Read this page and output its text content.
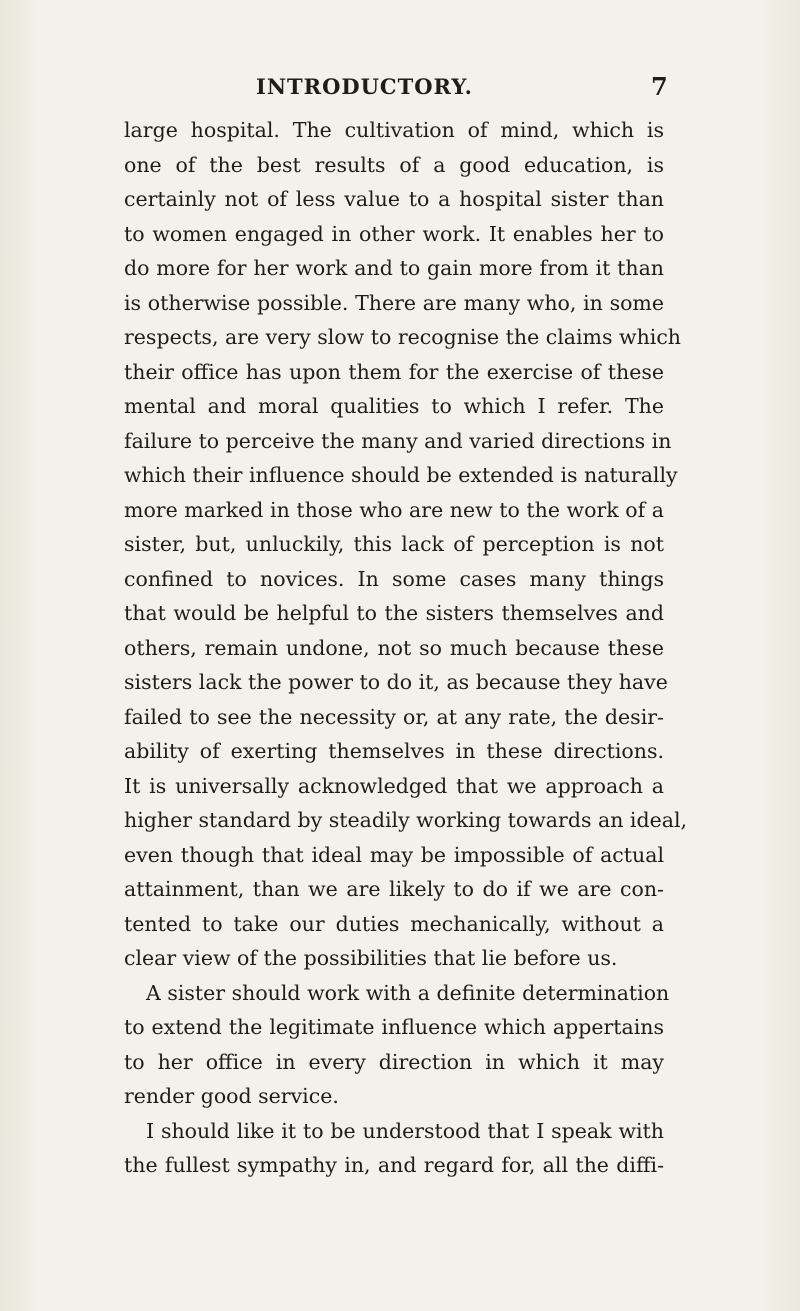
INTRODUCTORY.	7
large hospital. The cultivation of mind, which is
one of the best results of a good education, is
certainly not of less value to a hospital sister than
to women engaged in other work. It enables her to
do more for her work and to gain more from it than
is otherwise possible. There are many who, in some
respects, are very slow to recognise the claims which
their office has upon them for the exercise of these
mental and moral qualities to which I refer. The
failure to perceive the many and varied directions in
which their influence should be extended is naturally
more marked in those who are new to the work of a
sister, but, unluckily, this lack of perception is not
confined to novices. In some cases many things
that would be helpful to the sisters themselves and
others, remain undone, not so much because these
sisters lack the power to do it, as because they have
failed to see the necessity or, at any rate, the desir-
ability of exerting themselves in these directions.
It is universally acknowledged that we approach a
higher standard by steadily working towards an ideal,
even though that ideal may be impossible of actual
attainment, than we are likely to do if we are con-
tented to take our duties mechanically, without a
clear view of the possibilities that lie before us.
A sister should work with a definite determination
to extend the legitimate influence which appertains
to her office in every direction in which it may
render good service.
I should like it to be understood that I speak with
the fullest sympathy in, and regard for, all the diffi-
